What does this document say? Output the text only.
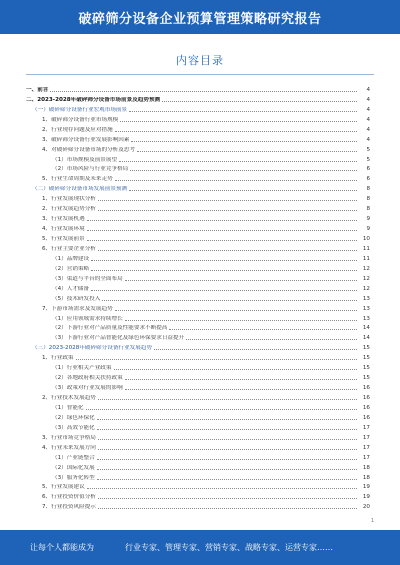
破碎筛分设备企业预算管理策略研究报告
内容目录
一、前言	4
二、2023-2028年破碎筛分设备市场前景及趋势预测	4
（一）破碎筛分设备行业宏观市场前景	4
1、破碎筛分设备行业市场规模	4
2、行业现存问题及应对措施	4
3、破碎筛分设备行业发展影响因素	4
4、对破碎筛分设备市场的分析及思考	5
（1）市场规模及前景展望	5
（2）市场风险与行业竞争格局	6
5、行业生命周期及未来走势	6
（二）破碎筛分设备市场发展前景预测	8
1、行业发展现状分析	8
2、行业发展趋势分析	8
3、行业发展机遇	9
4、行业发展环境	9
5、行业发展前景	10
6、行业主要企业分析	11
（1）品牌建设	11
（2）营销策略	12
（3）渠道与平台的全面布局	12
（4）人才储备	12
（5）技术研发投入	13
7、下游市场需求及发展趋势	13
（1）应用领域需求持续增长	13
（2）下游行业对产品质量及性能要求不断提高	14
（3）下游行业对产品智能化及绿色环保要求日益提升	14
（三）2023-2028年破碎筛分设备行业发展趋势	15
1、行业政策	15
（1）行业相关产业政策	15
（2）各地政府相关扶持政策	15
（3）政策对行业发展的影响	16
2、行业技术发展趋势	16
（1）智能化	16
（2）绿色环保化	16
（3）高效节能化	17
3、行业市场竞争格局	17
4、行业未来发展方向	17
（1）产业链整合	17
（2）国际化发展	18
（3）服务化转型	18
5、行业发展建议	19
6、行业投资价值分析	19
7、行业投资风险提示	20
1
让每个人都能成为	行业专家、管理专家、营销专家、战略专家、运营专家……
